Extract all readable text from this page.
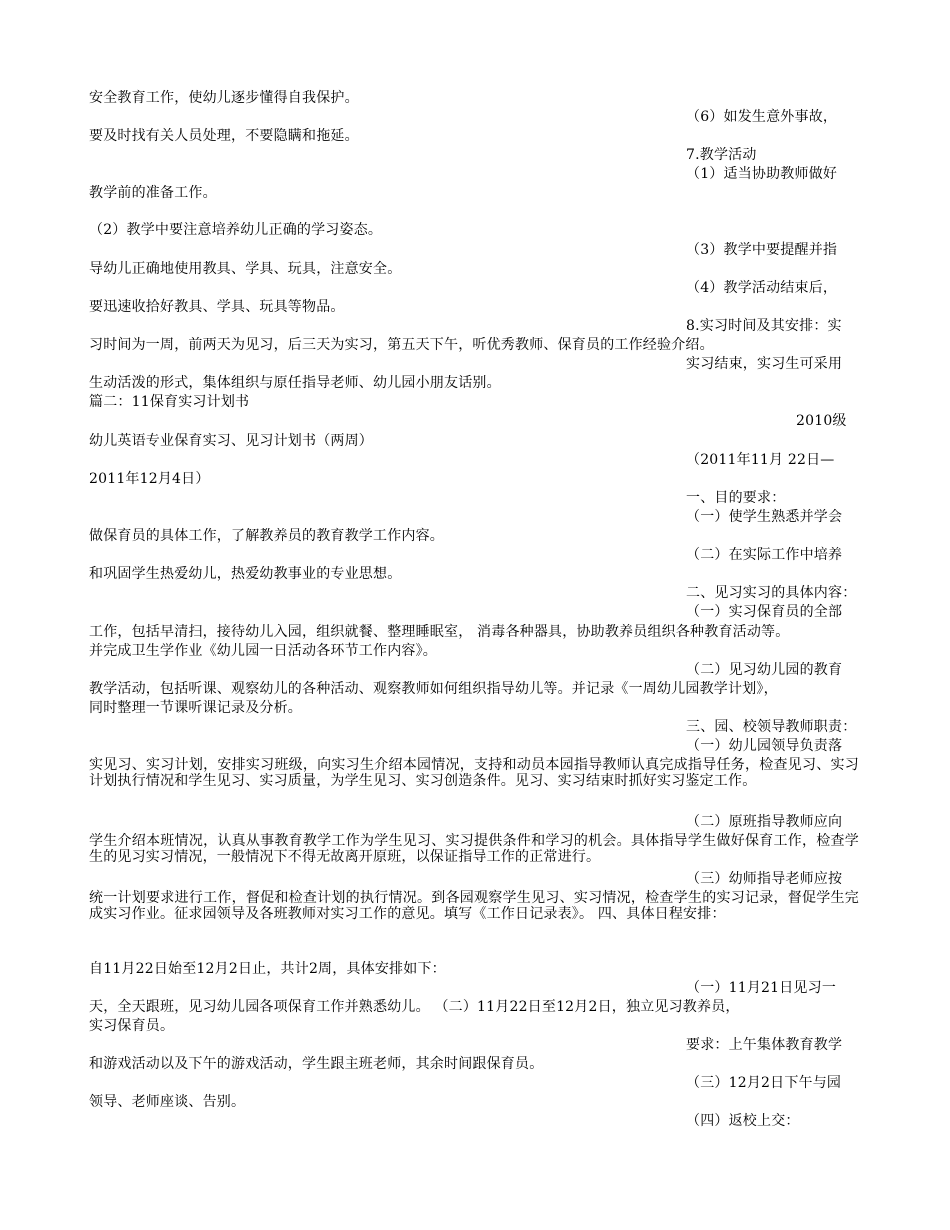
安全教育工作，使幼儿逐步懂得自我保护。
（6）如发生意外事故，
要及时找有关人员处理，不要隐瞒和拖延。
7.教学活动
（1）适当协助教师做好
教学前的准备工作。
（2）教学中要注意培养幼儿正确的学习姿态。
（3）教学中要提醒并指
导幼儿正确地使用教具、学具、玩具，注意安全。
（4）教学活动结束后，
要迅速收拾好教具、学具、玩具等物品。
8.实习时间及其安排：实
习时间为一周，前两天为见习，后三天为实习，第五天下午，听优秀教师、保育员的工作经验介绍。
实习结束，实习生可采用
生动活泼的形式，集体组织与原任指导老师、幼儿园小朋友话别。
篇二：11保育实习计划书
2010级
幼儿英语专业保育实习、见习计划书（两周）
（2011年11月 22日—
2011年12月4日）
一、目的要求：
（一）使学生熟悉并学会
做保育员的具体工作，了解教养员的教育教学工作内容。
（二）在实际工作中培养
和巩固学生热爱幼儿，热爱幼教事业的专业思想。
二、见习实习的具体内容：
（一）实习保育员的全部
工作，包括早清扫，接待幼儿入园，组织就餐、整理睡眠室， 消毒各种器具，协助教养员组织各种教育活动等。
并完成卫生学作业《幼儿园一日活动各环节工作内容》。
（二）见习幼儿园的教育
教学活动，包括听课、观察幼儿的各种活动、观察教师如何组织指导幼儿等。并记录《一周幼儿园教学计划》，
同时整理一节课听课记录及分析。
三、园、校领导教师职责：
（一）幼儿园领导负责落
实见习、实习计划，安排实习班级，向实习生介绍本园情况，支持和动员本园指导教师认真完成指导任务，检查见习、实习计划执行情况和学生见习、实习质量，为学生见习、实习创造条件。见习、实习结束时抓好实习鉴定工作。
（二）原班指导教师应向
学生介绍本班情况，认真从事教育教学工作为学生见习、实习提供条件和学习的机会。具体指导学生做好保育工作，检查学生的见习实习情况，一般情况下不得无故离开原班，以保证指导工作的正常进行。
（三）幼师指导老师应按
统一计划要求进行工作，督促和检查计划的执行情况。到各园观察学生见习、实习情况，检查学生的实习记录，督促学生完成实习作业。征求园领导及各班教师对实习工作的意见。填写《工作日记录表》。 四、具体日程安排：
自11月22日始至12月2日止，共计2周，具体安排如下：
（一）11月21日见习一
天，全天跟班，见习幼儿园各项保育工作并熟悉幼儿。 （二）11月22日至12月2日，独立见习教养员，
实习保育员。
要求：上午集体教育教学
和游戏活动以及下午的游戏活动，学生跟主班老师，其余时间跟保育员。
（三）12月2日下午与园
领导、老师座谈、告别。
（四）返校上交：
